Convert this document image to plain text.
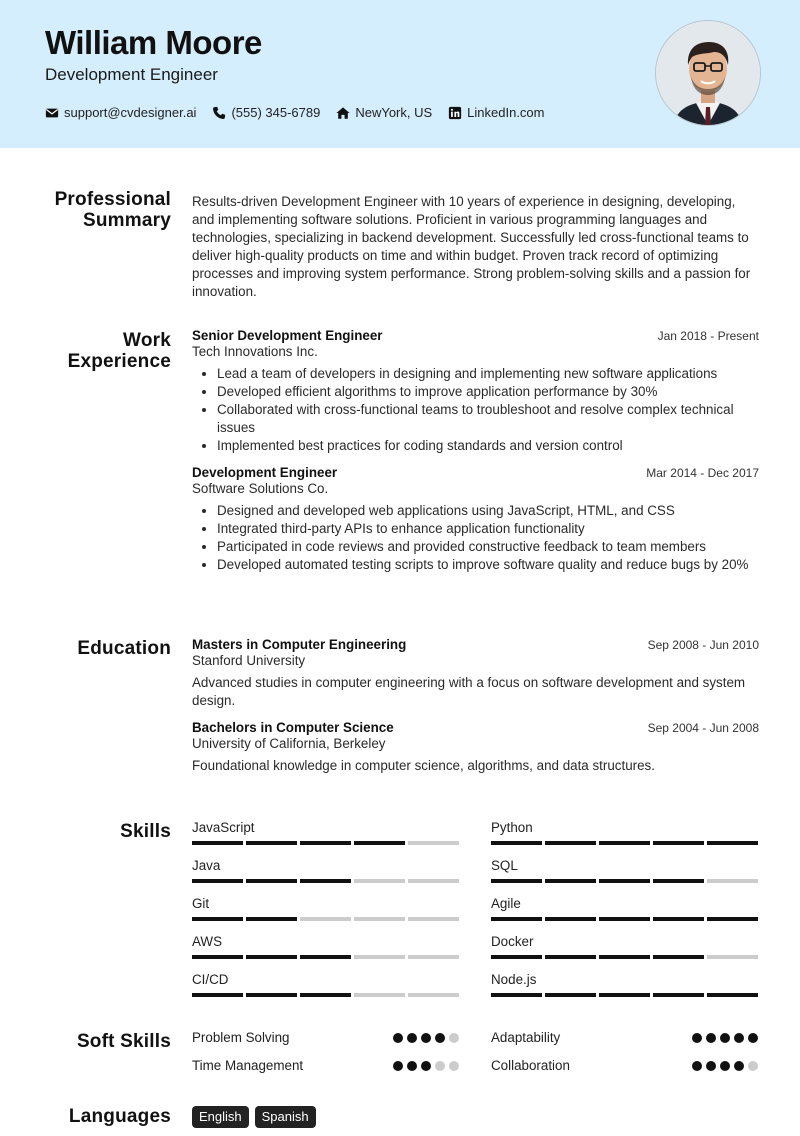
William Moore
Development Engineer
support@cvdesigner.ai	(555) 345-6789	NewYork, US	LinkedIn.com
Professional
Summary

Results-driven Development Engineer with 10 years of experience in designing, developing, and implementing software solutions. Proficient in various programming languages and technologies, specializing in backend development. Successfully led cross-functional teams to deliver high-quality products on time and within budget. Proven track record of optimizing processes and improving system performance. Strong problem-solving skills and a passion for innovation.

Work
Experience
Senior Development Engineer	Jan 2018 - Present
Tech Innovations Inc.
• Lead a team of developers in designing and implementing new software applications
• Developed efficient algorithms to improve application performance by 30%
• Collaborated with cross-functional teams to troubleshoot and resolve complex technical issues
• Implemented best practices for coding standards and version control
Development Engineer	Mar 2014 - Dec 2017
Software Solutions Co.
• Designed and developed web applications using JavaScript, HTML, and CSS
• Integrated third-party APIs to enhance application functionality
• Participated in code reviews and provided constructive feedback to team members
• Developed automated testing scripts to improve software quality and reduce bugs by 20%
Education Masters in Computer Engineering	Sep 2008 - Jun 2010
Stanford University
Advanced studies in computer engineering with a focus on software development and system design.
Bachelors in Computer Science	Sep 2004 - Jun 2008
University of California, Berkeley
Foundational knowledge in computer science, algorithms, and data structures.
Skills JavaScript	Python
Java	SQL
Git	Agile
AWS	Docker
CI/CD	Node.js
Soft Skills Problem Solving	Adaptability
Time Management	Collaboration
Languages	English	Spanish
